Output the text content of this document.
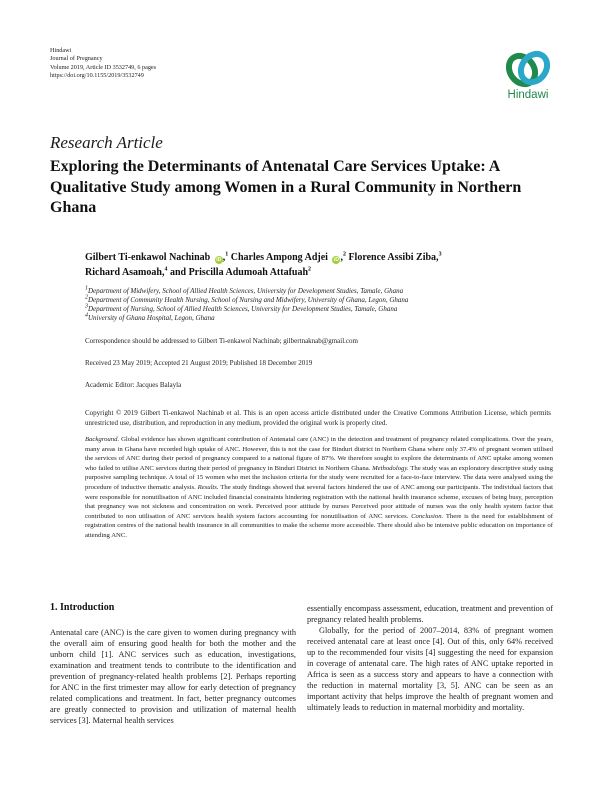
Hindawi
Journal of Pregnancy
Volume 2019, Article ID 3532749, 6 pages
https://doi.org/10.1155/2019/3532749
Hindawi
Research Article
Exploring the Determinants of Antenatal Care Services Uptake: A Qualitative Study among Women in a Rural Community in Northern Ghana
Gilbert Ti-enkawol Nachinab iD ,$^1$ Charles Ampong Adjei iD ,$^2$ Florence Assibi Ziba,$^3$
Richard Asamoah,$^4$ and Priscilla Adumoah Attafuah$^2$
$^1$Department of Midwifery, School of Allied Health Sciences, University for Development Studies, Tamale, Ghana
$^2$Department of Community Health Nursing, School of Nursing and Midwifery, University of Ghana, Legon, Ghana
$^3$Department of Nursing, School of Allied Health Sciences, University for Development Studies, Tamale, Ghana
$^4$University of Ghana Hospital, Legon, Ghana
Correspondence should be addressed to Gilbert Ti-enkawol Nachinab; gilbertnaknab@gmail.com
Received 23 May 2019; Accepted 21 August 2019; Published 18 December 2019
Academic Editor: Jacques Balayla
Copyright © 2019 Gilbert Ti-enkawol Nachinab et al. This is an open access article distributed under the Creative Commons Attribution License, which permits unrestricted use, distribution, and reproduction in any medium, provided the original work is properly cited.
Background. Global evidence has shown significant contribution of Antenatal care (ANC) in the detection and treatment of pregnancy related complications. Over the years, many areas in Ghana have recorded high uptake of ANC. However, this is not the case for Binduri district in Northern Ghana where only 37.4% of pregnant women utilised the services of ANC during their period of pregnancy compared to a national figure of 87%. We therefore sought to explore the determinants of ANC uptake among women who failed to utilise ANC services during their period of pregnancy in Binduri District in Northern Ghana. Methodology. The study was an exploratory descriptive study using purposive sampling technique. A total of 15 women who met the inclusion criteria for the study were recruited for a face-to-face interview. The data were analysed using the procedure of inductive thematic analysis. Results. The study findings showed that several factors hindered the use of ANC among our participants. The individual factors that were responsible for nonutilisation of ANC included financial constraints hindering registration with the national health insurance scheme, excuses of being busy, perception that pregnancy was not sickness and concentration on work. Perceived poor attitude by nurses Perceived poor attitude of nurses was the only health system factor that contributed to non utilisation of ANC services health system factors accounting for nonutilisation of ANC services. Conclusion. There is the need for establishment of registration centres of the national health insurance in all communities to make the scheme more accessible. There should also be intensive public education on importance of attending ANC.
1. Introduction

Antenatal care (ANC) is the care given to women during pregnancy with the overall aim of ensuring good health for both the mother and the unborn child [1]. ANC services such as education, investigations, examination and treatment tends to contribute to the identification and prevention of pregnancy-related health problems [2]. Perhaps reporting for ANC in the first trimester may allow for early detection of pregnancy related complications and treatment. In fact, better pregnancy outcomes are greatly connected to provision and utilization of maternal health services [3]. Maternal health services

essentially encompass assessment, education, treatment and prevention of pregnancy related health problems.

Globally, for the period of 2007–2014, 83% of pregnant women received antenatal care at least once [4]. Out of this, only 64% received up to the recommended four visits [4] suggesting the need for expansion in coverage of antenatal care. The high rates of ANC uptake reported in Africa is seen as a success story and appears to have a connection with the reduction in maternal mortality [3, 5]. ANC can be seen as an important activity that helps improve the health of pregnant women and ultimately leads to reduction in maternal morbidity and mortality.
